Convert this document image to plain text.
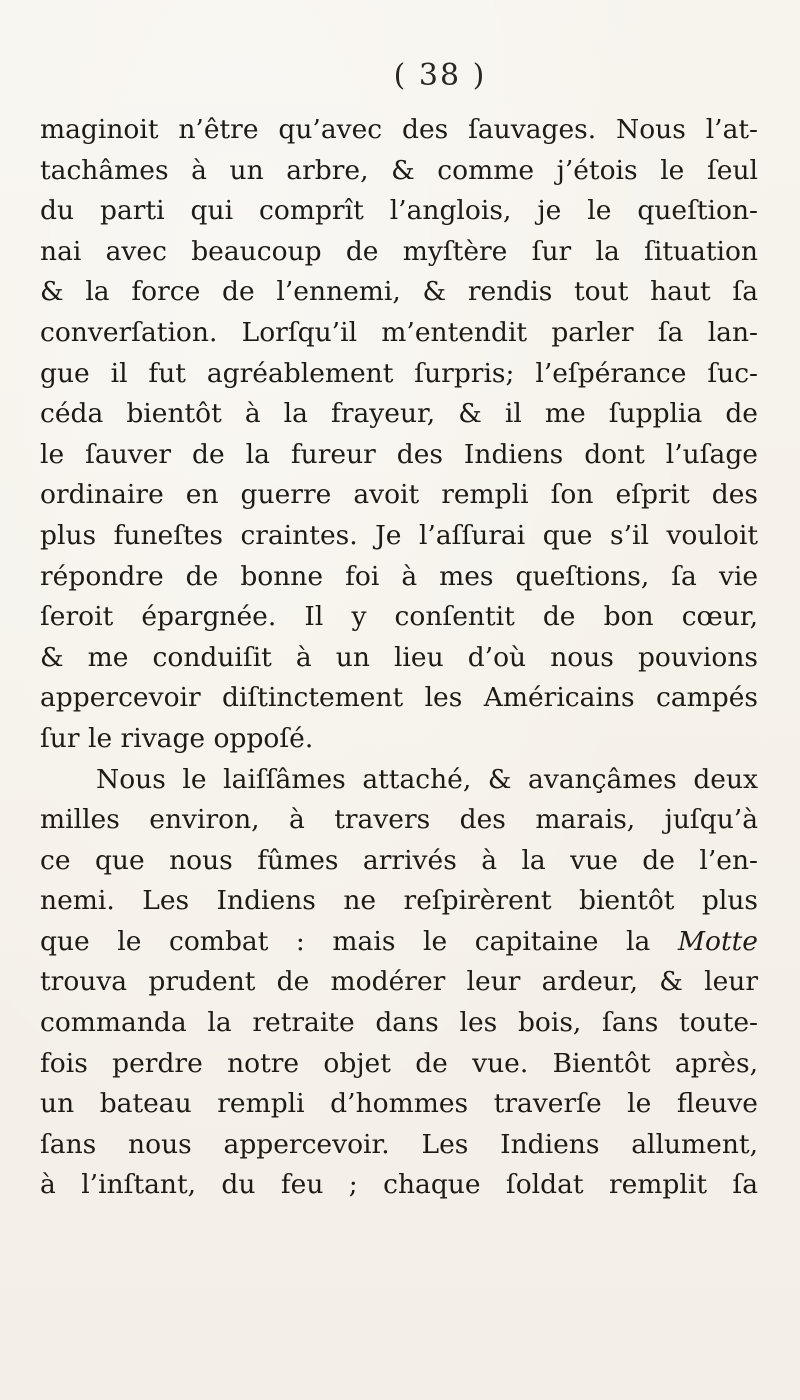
( 38 )
maginoit n’être qu’avec des ſauvages. Nous l’at-
tachâmes à un arbre, & comme j’étois le ſeul
du parti qui comprît l’anglois, je le queſtion-
nai avec beaucoup de myſtère ſur la ſituation
& la force de l’ennemi, & rendis tout haut ſa
converſation. Lorſqu’il m’entendit parler ſa lan-
gue il fut agréablement ſurpris; l’eſpérance ſuc-
céda bientôt à la frayeur, & il me ſupplia de
le ſauver de la fureur des Indiens dont l’uſage
ordinaire en guerre avoit rempli ſon eſprit des
plus funeſtes craintes. Je l’aſſurai que s’il vouloit
répondre de bonne foi à mes queſtions, ſa vie
ſeroit épargnée. Il y conſentit de bon cœur,
& me conduiſit à un lieu d’où nous pouvions
appercevoir diſtinctement les Américains campés
ſur le rivage oppoſé.
Nous le laiſſâmes attaché, & avançâmes deux
milles environ, à travers des marais, juſqu’à
ce que nous fûmes arrivés à la vue de l’en-
nemi. Les Indiens ne reſpirèrent bientôt plus
que le combat : mais le capitaine la Motte
trouva prudent de modérer leur ardeur, & leur
commanda la retraite dans les bois, ſans toute-
fois perdre notre objet de vue. Bientôt après,
un bateau rempli d’hommes traverſe le fleuve
ſans nous appercevoir. Les Indiens allument,
à l’inſtant, du feu ; chaque ſoldat remplit ſa
